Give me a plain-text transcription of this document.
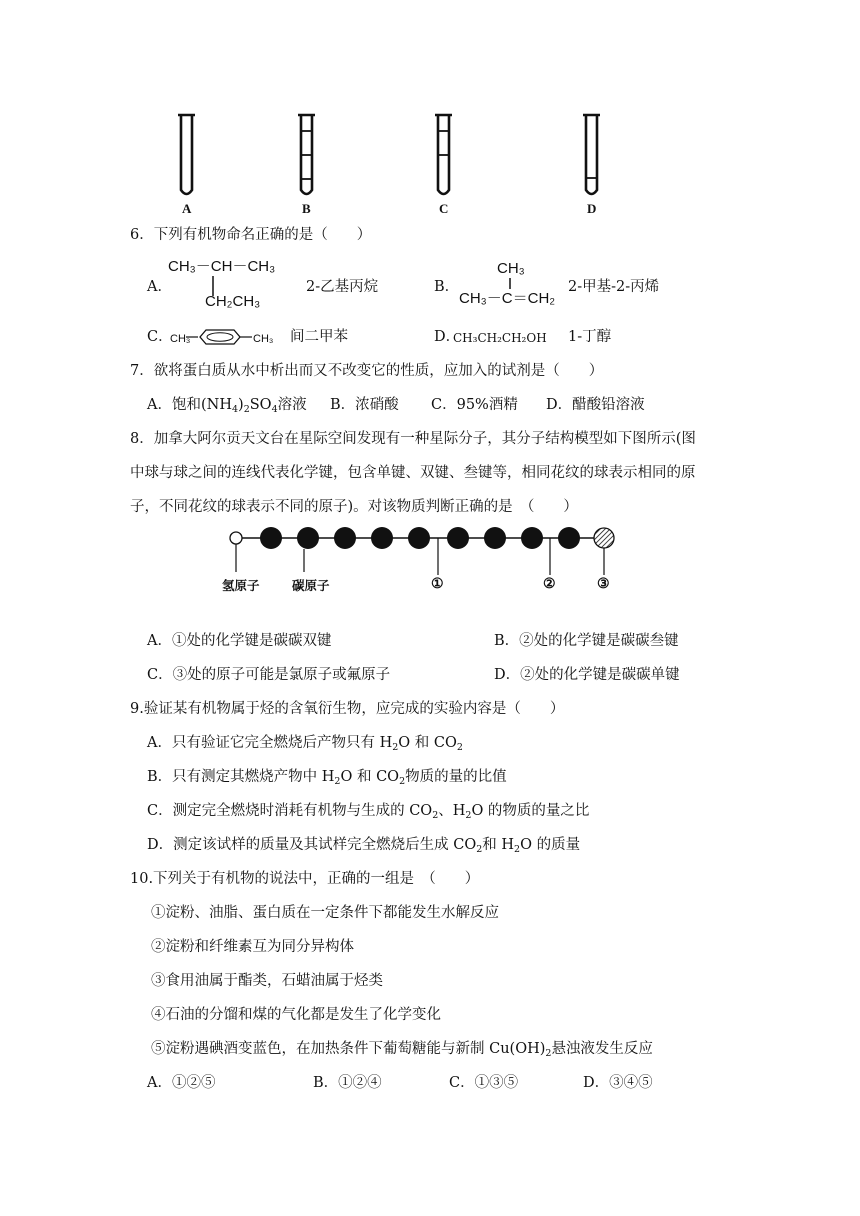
A	B	C	D
6．下列有机物命名正确的是（　　）
A．
CH₃－CH－CH₃
CH₂CH₃
2-乙基丙烷	B．
CH₃
CH₃－C＝CH₂
2-甲基-2-丙烯
C．
CH₃	CH₃ 间二甲苯	D．
CH₃CH₂CH₂OH 1-丁醇
7．欲将蛋白质从水中析出而又不改变它的性质，应加入的试剂是（　　）
A．饱和$(NH_4)_2SO_4$溶液 B．浓硝酸 C．95%酒精 D．醋酸铅溶液
8．加拿大阿尔贡天文台在星际空间发现有一种星际分子，其分子结构模型如下图所示(图
中球与球之间的连线代表化学键，包含单键、双键、叁键等，相同花纹的球表示相同的原
子，不同花纹的球表示不同的原子)。对该物质判断正确的是　（　　）
氢原子	碳原子	①	②	③
A．①处的化学键是碳碳双键	B．②处的化学键是碳碳叁键
C．③处的原子可能是氯原子或氟原子	D．②处的化学键是碳碳单键
9.验证某有机物属于烃的含氧衍生物，应完成的实验内容是（　　）
A．只有验证它完全燃烧后产物只有 $H_2O$ 和 $CO_2$
B．只有测定其燃烧产物中 $H_2O$ 和 $CO_2$物质的量的比值
C．测定完全燃烧时消耗有机物与生成的 $CO_2$、$H_2O$ 的物质的量之比
D．测定该试样的质量及其试样完全燃烧后生成 $CO_2$和 $H_2O$ 的质量
10.下列关于有机物的说法中，正确的一组是　（　　）
①淀粉、油脂、蛋白质在一定条件下都能发生水解反应
②淀粉和纤维素互为同分异构体
③食用油属于酯类，石蜡油属于烃类
④石油的分馏和煤的气化都是发生了化学变化
⑤淀粉遇碘酒变蓝色，在加热条件下葡萄糖能与新制 $Cu(OH)_2$悬浊液发生反应
A．①②⑤	B．①②④	C．①③⑤	D．③④⑤
